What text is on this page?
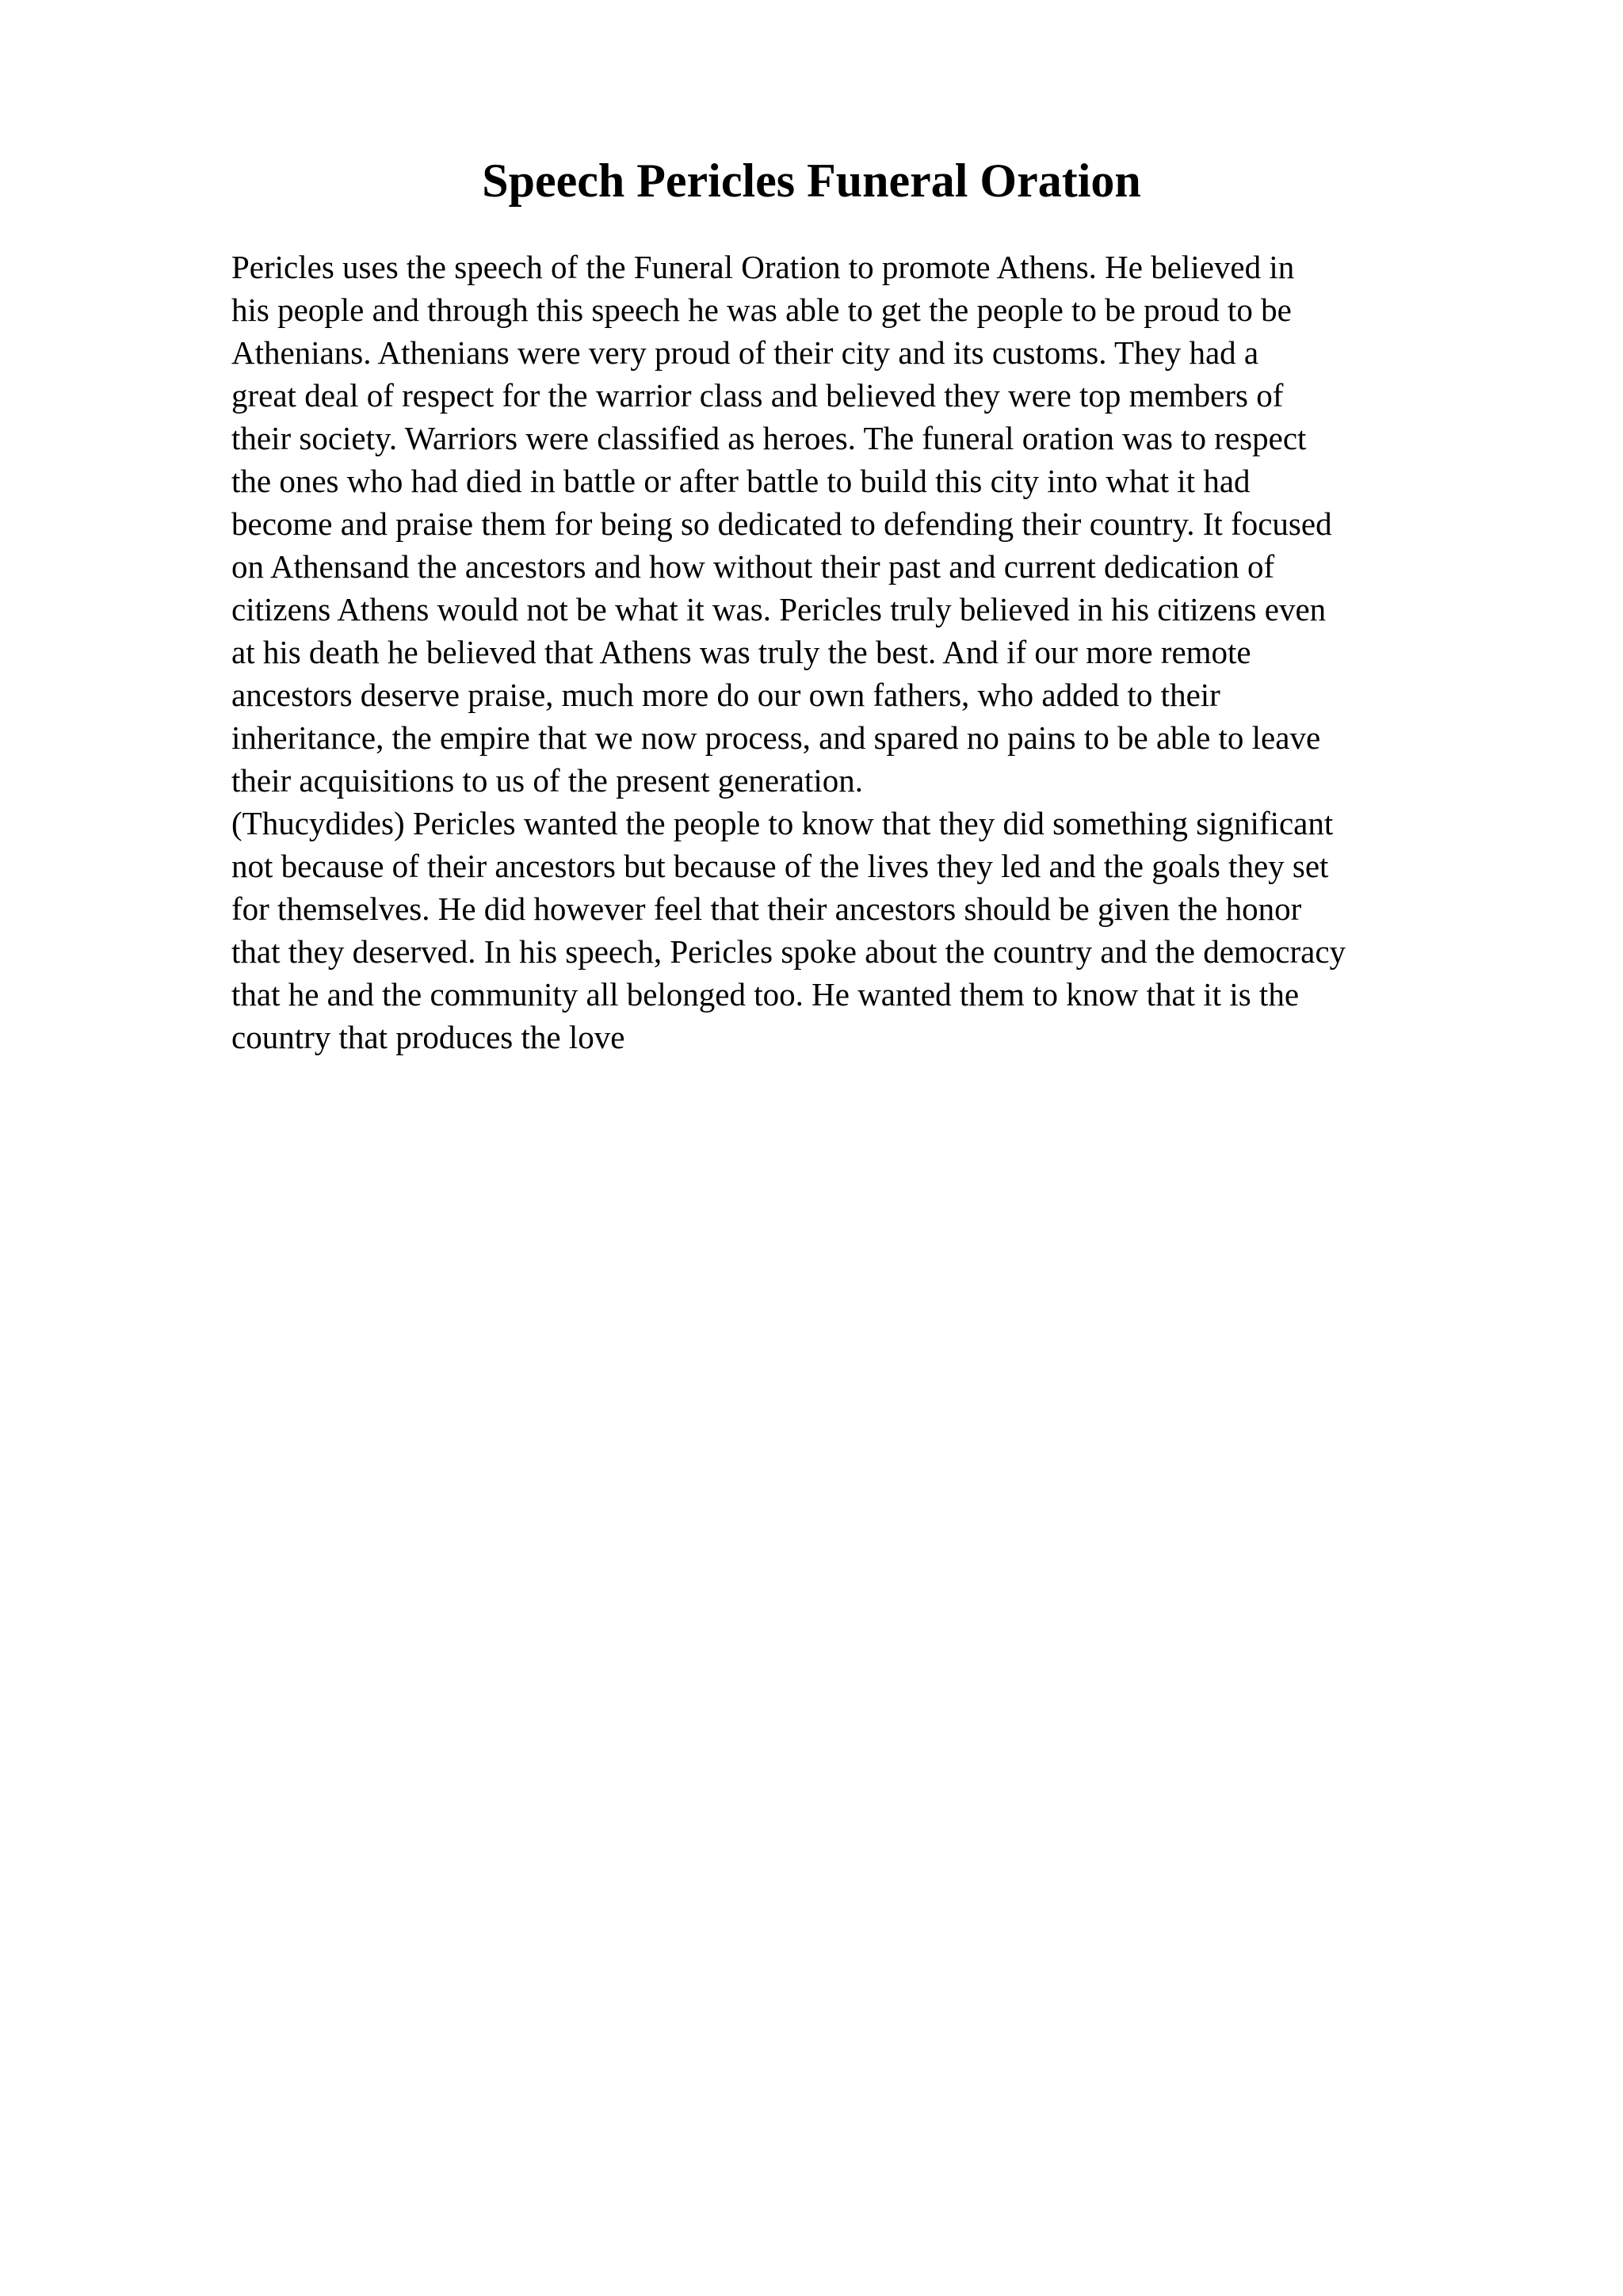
Speech Pericles Funeral Oration
Pericles uses the speech of the Funeral Oration to promote Athens. He believed in
his people and through this speech he was able to get the people to be proud to be
Athenians. Athenians were very proud of their city and its customs. They had a
great deal of respect for the warrior class and believed they were top members of
their society. Warriors were classified as heroes. The funeral oration was to respect
the ones who had died in battle or after battle to build this city into what it had
become and praise them for being so dedicated to defending their country. It focused
on Athensand the ancestors and how without their past and current dedication of
citizens Athens would not be what it was. Pericles truly believed in his citizens even
at his death he believed that Athens was truly the best. And if our more remote
ancestors deserve praise, much more do our own fathers, who added to their
inheritance, the empire that we now process, and spared no pains to be able to leave
their acquisitions to us of the present generation.
(Thucydides) Pericles wanted the people to know that they did something significant
not because of their ancestors but because of the lives they led and the goals they set
for themselves. He did however feel that their ancestors should be given the honor
that they deserved. In his speech, Pericles spoke about the country and the democracy
that he and the community all belonged too. He wanted them to know that it is the
country that produces the love
